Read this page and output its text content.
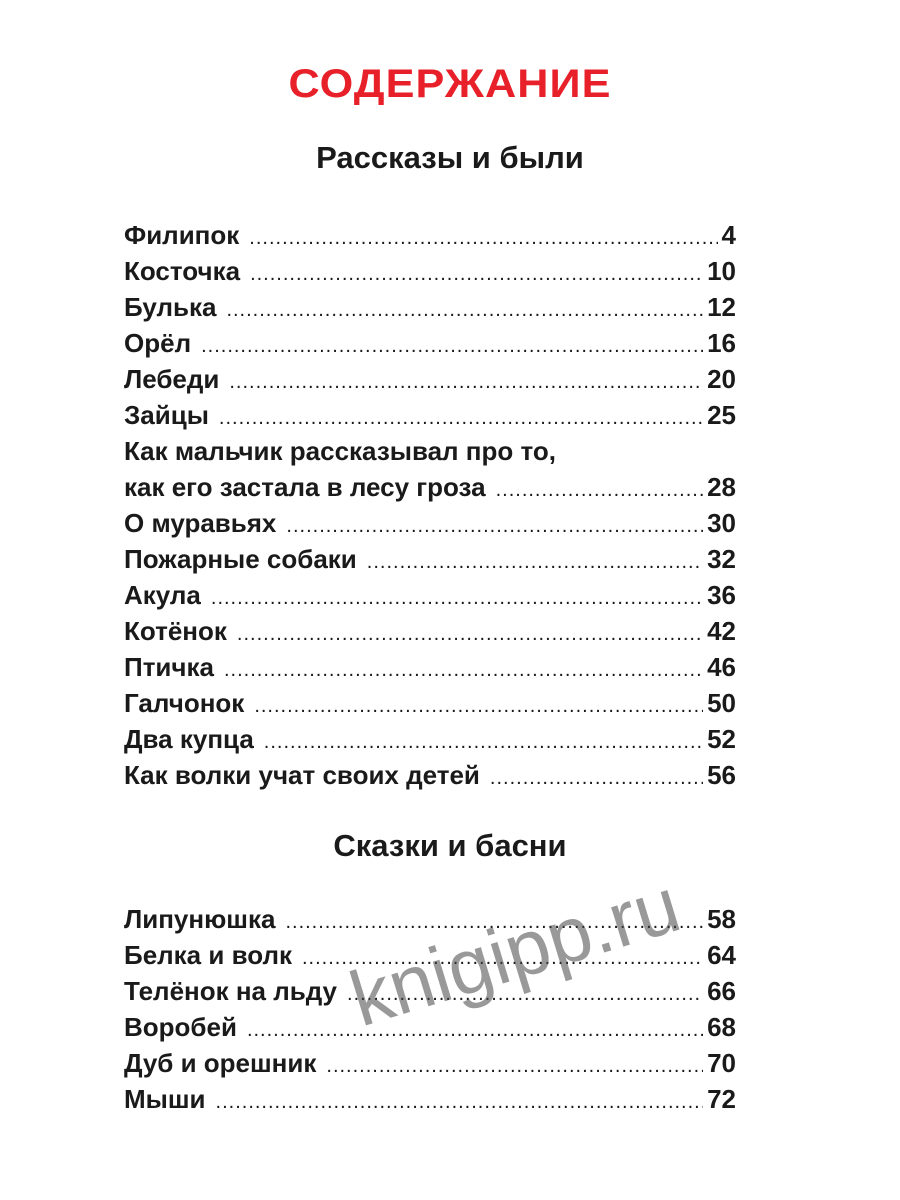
СОДЕРЖАНИЕ
Рассказы и были
Филипок .....	4
Косточка .....	10
Булька .....	12
Орёл .....	16
Лебеди .....	20
Зайцы .....	25
Как мальчик рассказывал про то,
как его застала в лесу гроза .....	28
О муравьях .....	30
Пожарные собаки .....	32
Акула .....	36
Котёнок .....	42
Птичка .....	46
Галчонок .....	50
Два купца .....	52
Как волки учат своих детей .....	56
Сказки и басни
Липунюшка .....	58
Белка и волк .....	64
Телёнок на льду .....	66
Воробей .....	68
Дуб и орешник .....	70
Мыши .....	72
knigipp.ru
